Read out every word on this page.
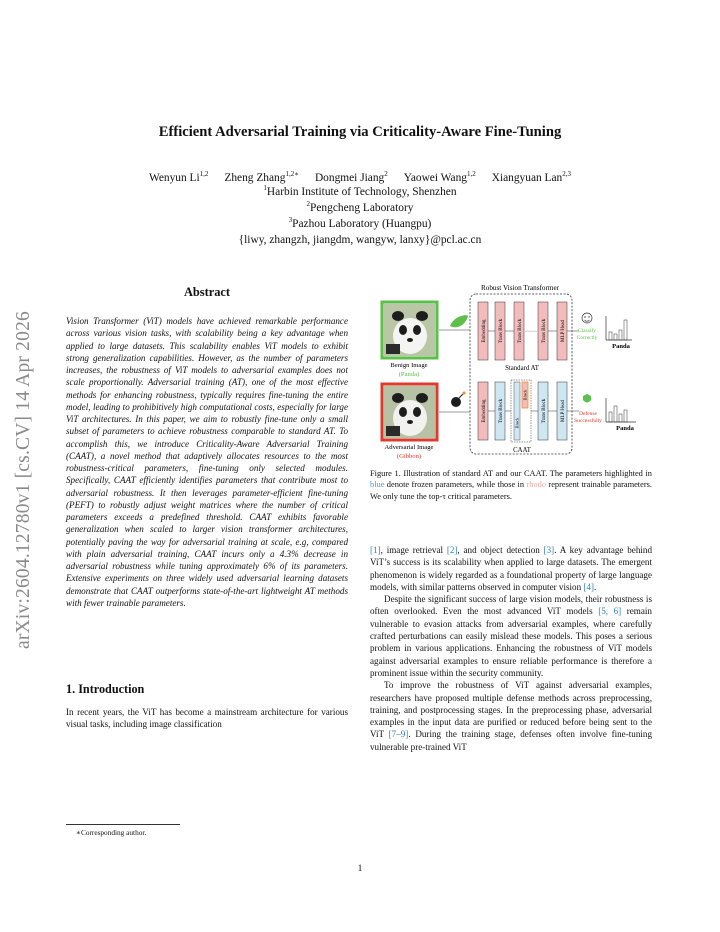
arXiv:2604.12780v1 [cs.CV] 14 Apr 2026
Efficient Adversarial Training via Criticality-Aware Fine-Tuning
Wenyun Li$^{1,2}$ Zheng Zhang$^{1,2∗}$ Dongmei Jiang$^2$ Yaowei Wang$^{1,2}$ Xiangyuan Lan$^{2,3}$
$^1$Harbin Institute of Technology, Shenzhen
$^2$Pengcheng Laboratory
$^3$Pazhou Laboratory (Huangpu)
{liwy, zhangzh, jiangdm, wangyw, lanxy}@pcl.ac.cn
Abstract
Vision Transformer (ViT) models have achieved remarkable performance across various vision tasks, with scalability being a key advantage when applied to large datasets. This scalability enables ViT models to exhibit strong generalization capabilities. However, as the number of parameters increases, the robustness of ViT models to adversarial examples does not scale proportionally. Adversarial training (AT), one of the most effective methods for enhancing robustness, typically requires fine-tuning the entire model, leading to prohibitively high computational costs, especially for large ViT architectures. In this paper, we aim to robustly fine-tune only a small subset of parameters to achieve robustness comparable to standard AT. To accomplish this, we introduce Criticality-Aware Adversarial Training (CAAT), a novel method that adaptively allocates resources to the most robustness-critical parameters, fine-tuning only selected modules. Specifically, CAAT efficiently identifies parameters that contribute most to adversarial robustness. It then leverages parameter-efficient fine-tuning (PEFT) to robustly adjust weight matrices where the number of critical parameters exceeds a predefined threshold. CAAT exhibits favorable generalization when scaled to larger vision transformer architectures, potentially paving the way for adversarial training at scale, e.g, compared with plain adversarial training, CAAT incurs only a 4.3% decrease in adversarial robustness while tuning approximately 6% of its parameters. Extensive experiments on three widely used adversarial learning datasets demonstrate that CAAT outperforms state-of-the-art lightweight AT methods with fewer trainable parameters.
1. Introduction
In recent years, the ViT has become a mainstream architecture for various visual tasks, including image classification
∗Corresponding author.
Robust Vision Transformer
Benign Image
(Panda)
Adversarial Image
(Gibbon)
Embedding Trans Block	Trans Block ······ Trans Block	MLP Head
Standard AT
Embedding Trans Block Block
Block
Trans Block	MLP Head
CAAT
Classify
Correctly
Defense
Successfully
Panda
Panda
Figure 1. Illustration of standard AT and our CAAT. The parameters highlighted in blue denote frozen parameters, while those in rhodo represent trainable parameters. We only tune the top-τ critical parameters.

[1], image retrieval [2], and object detection [3]. A key advantage behind ViT’s success is its scalability when applied to large datasets. The emergent phenomenon is widely regarded as a foundational property of large language models, with similar patterns observed in computer vision [4].

Despite the significant success of large vision models, their robustness is often overlooked. Even the most advanced ViT models [5, 6] remain vulnerable to evasion attacks from adversarial examples, where carefully crafted perturbations can easily mislead these models. This poses a serious problem in various applications. Enhancing the robustness of ViT models against adversarial examples to ensure reliable performance is therefore a prominent issue within the security community.

To improve the robustness of ViT against adversarial examples, researchers have proposed multiple defense methods across preprocessing, training, and postprocessing stages. In the preprocessing phase, adversarial examples in the input data are purified or reduced before being sent to the ViT [7–9]. During the training stage, defenses often involve fine-tuning vulnerable pre-trained ViT

1
